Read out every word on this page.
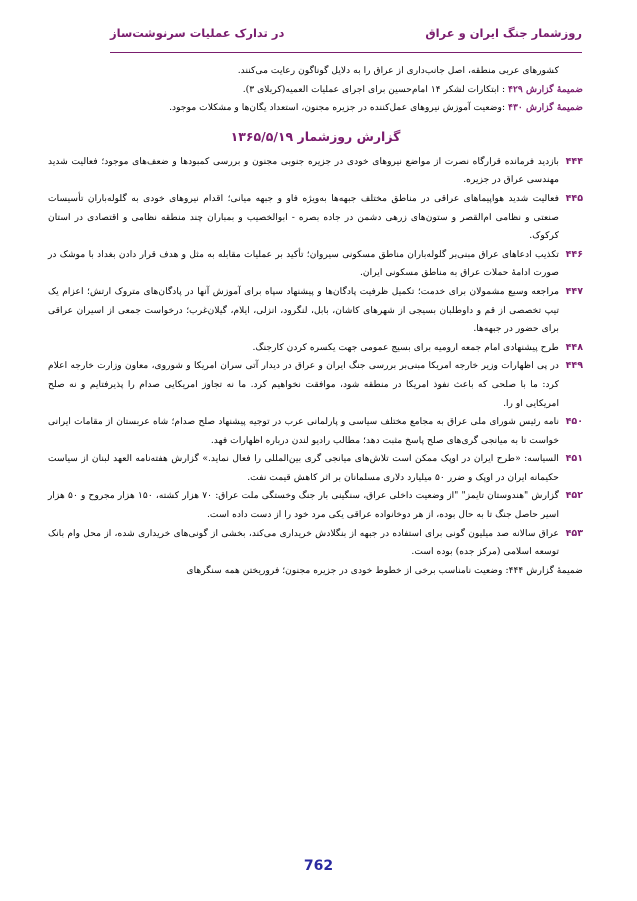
روزشمار جنگ ایران و عراق
در تدارک عملیات سرنوشت‌ساز
کشورهای عربی منطقه، اصل جانب‌داری از عراق را به دلایل گوناگون رعایت می‌کنند.
ضمیمهٔ گزارش ۴۲۹ : ابتکارات لشکر ۱۴ امام‌حسین برای اجرای عملیات العمیه(کربلای ۳).
ضمیمهٔ گزارش ۴۳۰ :وضعیت آموزش نیروهای عمل‌کننده در جزیره مجنون، استعداد یگان‌ها و مشکلات موجود.
گزارش روزشمار ۱۳۶۵/۵/۱۹
۴۴۴
بازدید فرمانده قرارگاه نصرت از مواضع نیروهای خودی در جزیره جنوبی مجنون و بررسی کمبودها و ضعف‌های موجود؛ فعالیت شدید مهندسی عراق در جزیره.
۴۴۵
فعالیت شدید هواپیماهای عراقی در مناطق مختلف جبهه‌ها به‌ویژه فاو و جبهه میانی؛ اقدام نیروهای خودی به گلوله‌باران تأسیسات صنعتی و نظامی ام‌القصر و ستون‌های زرهی دشمن در جاده بصره - ابوالخصیب و بمباران چند منطقه نظامی و اقتصادی در استان کرکوک.
۴۴۶
تکذیب ادعاهای عراق مبنی‌بر گلوله‌باران مناطق مسکونی سیروان؛ تأکید بر عملیات مقابله به مثل و هدف قرار دادن بغداد با موشک در صورت ادامهٔ حملات عراق به مناطق مسکونی ایران.
۴۴۷
مراجعه وسیع مشمولان برای خدمت؛ تکمیل ظرفیت پادگان‌ها و پیشنهاد سپاه برای آموزش آنها در پادگان‌های متروک ارتش؛ اعزام یک تیپ تخصصی از قم و داوطلبان بسیجی از شهرهای کاشان، بابل، لنگرود، انزلی، ایلام، گیلان‌غرب؛ درخواست جمعی از اسیران عراقی برای حضور در جبهه‌ها.
۴۴۸
طرح پیشنهادی امام جمعه ارومیه برای بسیج عمومی جهت یکسره کردن کارجنگ.
۴۴۹
در پی اظهارات وزیر خارجه امریکا مبنی‌بر بررسی جنگ ایران و عراق در دیدار آتی سران امریکا و شوروی، معاون وزارت خارجه اعلام کرد: ما با صلحی که باعث نفوذ امریکا در منطقه شود، موافقت نخواهیم کرد. ما نه تجاوز امریکایی صدام را پذیرفتایم و نه صلح امریکایی او را.
۴۵۰
نامه رئیس شورای ملی عراق به مجامع مختلف سیاسی و پارلمانی عرب در توجیه پیشنهاد صلح صدام؛ شاه عربستان از مقامات ایرانی خواست تا به میانجی گری‌های صلح پاسخ مثبت دهد؛ مطالب رادیو لندن درباره اظهارات فهد.
۴۵۱
السیاسه: «طرح ایران در اوپک ممکن است تلاش‌های میانجی گری بین‌المللی را فعال نماید.» گزارش هفته‌نامه العهد لبنان از سیاست حکیمانه ایران در اوپک و ضرر ۵۰ میلیارد دلاری مسلمانان بر اثر کاهش قیمت نفت.
۴۵۲
گزارش "هندوستان تایمز" "از وضعیت داخلی عراق، سنگینی بار جنگ وخستگی ملت عراق: ۷۰ هزار کشته، ۱۵۰ هزار مجروح و ۵۰ هزار اسیر حاصل جنگ تا به حال بوده، از هر دوخانواده عراقی یکی مرد خود را از دست داده است.
۴۵۳
عراق سالانه صد میلیون گونی برای استفاده در جبهه از بنگلادش خریداری می‌کند، بخشی از گونی‌های خریداری شده، از محل وام بانک توسعه اسلامی (مرکز جده) بوده است.
ضمیمهٔ گزارش ۴۴۴: وضعیت نامناسب برخی از خطوط خودی در جزیره مجنون؛ فروریختن همه سنگرهای
762
